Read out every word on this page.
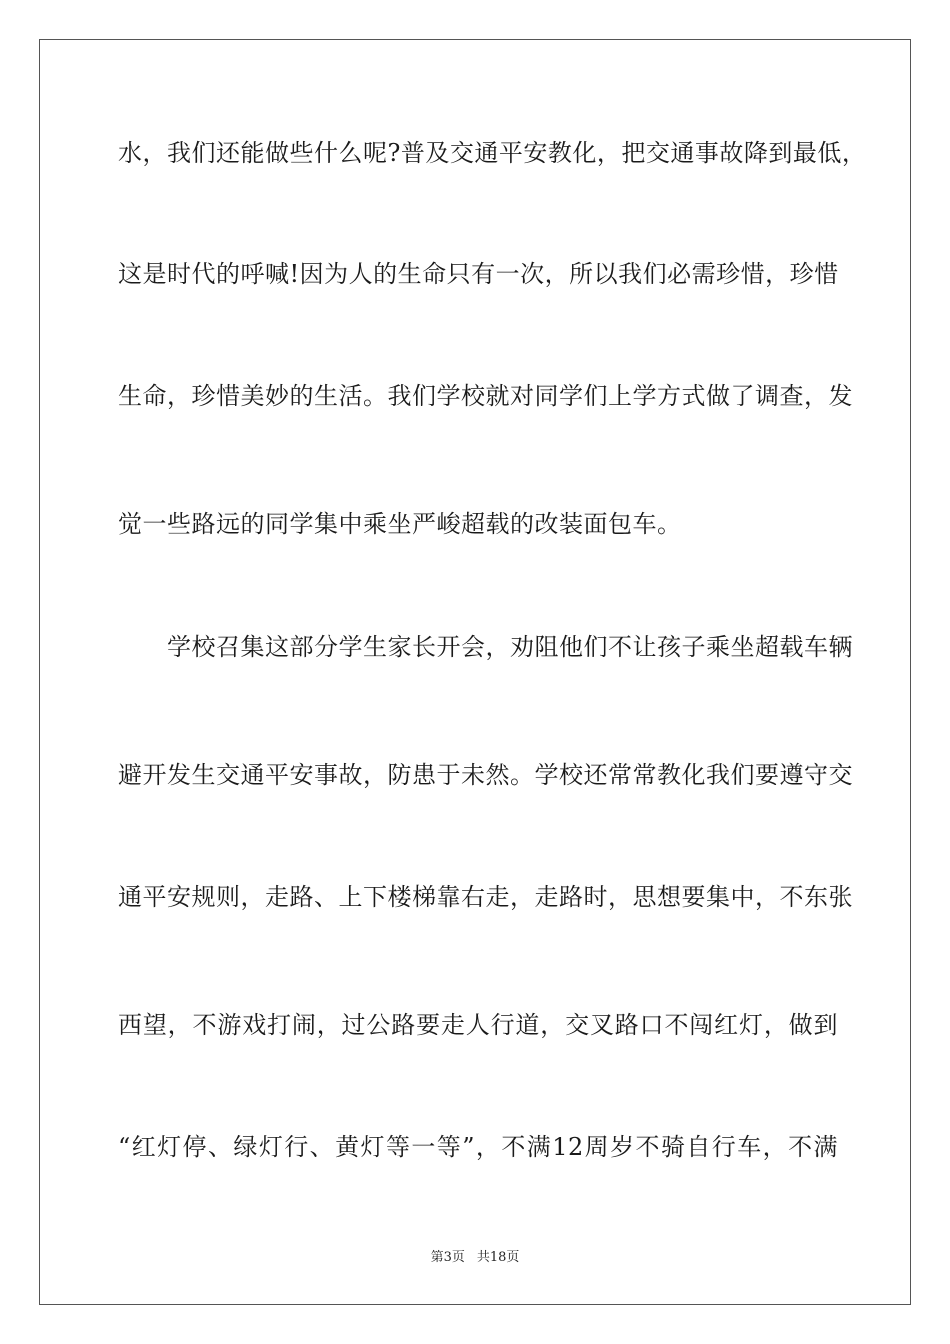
水，我们还能做些什么呢?普及交通平安教化，把交通事故降到最低，
这是时代的呼喊!因为人的生命只有一次，所以我们必需珍惜，珍惜
生命，珍惜美妙的生活。我们学校就对同学们上学方式做了调查，发
觉一些路远的同学集中乘坐严峻超载的改装面包车。
　　学校召集这部分学生家长开会，劝阻他们不让孩子乘坐超载车辆
避开发生交通平安事故，防患于未然。学校还常常教化我们要遵守交
通平安规则，走路、上下楼梯靠右走，走路时，思想要集中，不东张
西望，不游戏打闹，过公路要走人行道，交叉路口不闯红灯，做到
“红灯停、绿灯行、黄灯等一等”，不满12周岁不骑自行车，不满
第3页 共18页
